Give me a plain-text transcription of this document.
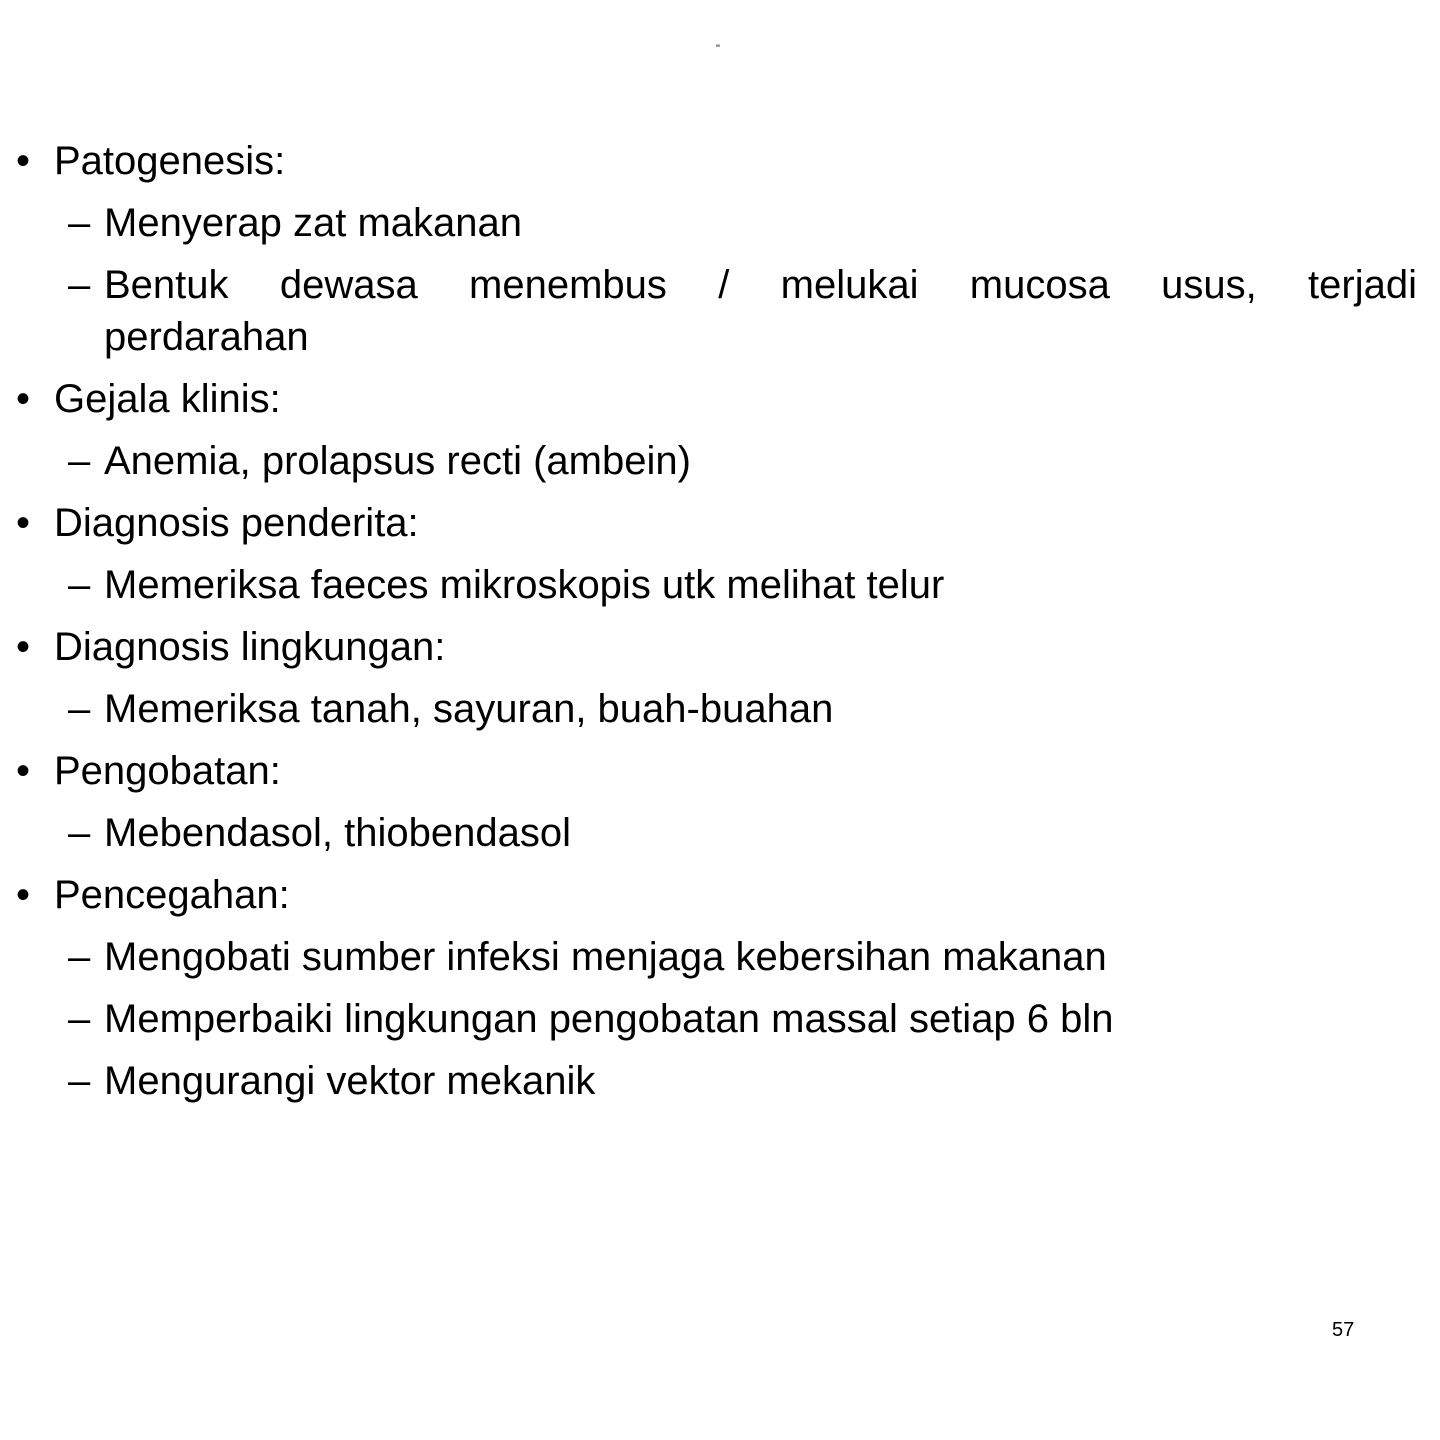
"
• Patogenesis:
– Menyerap zat makanan
– Bentuk dewasa menembus / melukai mucosa usus, terjadi
perdarahan
• Gejala klinis:
– Anemia, prolapsus recti (ambein)
• Diagnosis penderita:
– Memeriksa faeces mikroskopis utk melihat telur
• Diagnosis lingkungan:
– Memeriksa tanah, sayuran, buah-buahan
• Pengobatan:
– Mebendasol, thiobendasol
• Pencegahan:
– Mengobati sumber infeksi menjaga kebersihan makanan
– Memperbaiki lingkungan pengobatan massal setiap 6 bln
– Mengurangi vektor mekanik
57
